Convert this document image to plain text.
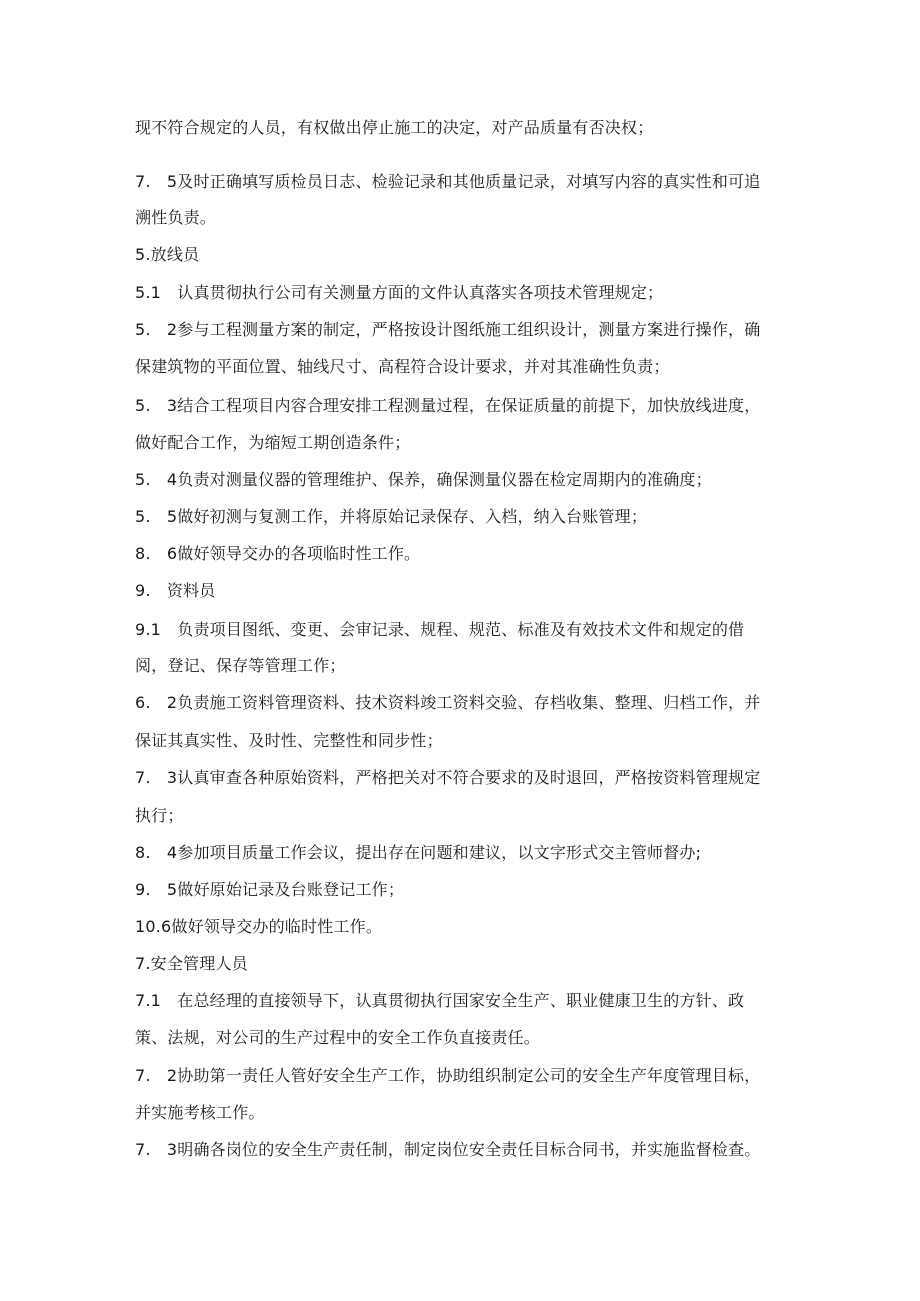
现不符合规定的人员，有权做出停止施工的决定，对产品质量有否决权；
7.　5及时正确填写质检员日志、检验记录和其他质量记录，对填写内容的真实性和可追
溯性负责。
5.放线员
5.1　认真贯彻执行公司有关测量方面的文件认真落实各项技术管理规定；
5.　2参与工程测量方案的制定，严格按设计图纸施工组织设计，测量方案进行操作，确
保建筑物的平面位置、轴线尺寸、高程符合设计要求，并对其准确性负责；
5.　3结合工程项目内容合理安排工程测量过程，在保证质量的前提下，加快放线进度，
做好配合工作，为缩短工期创造条件；
5.　4负责对测量仪器的管理维护、保养，确保测量仪器在检定周期内的准确度；
5.　5做好初测与复测工作，并将原始记录保存、入档，纳入台账管理；
8.　6做好领导交办的各项临时性工作。
9.　资料员
9.1　负责项目图纸、变更、会审记录、规程、规范、标准及有效技术文件和规定的借
阅，登记、保存等管理工作；
6.　2负责施工资料管理资料、技术资料竣工资料交验、存档收集、整理、归档工作，并
保证其真实性、及时性、完整性和同步性；
7.　3认真审查各种原始资料，严格把关对不符合要求的及时退回，严格按资料管理规定
执行；
8.　4参加项目质量工作会议，提出存在问题和建议，以文字形式交主管师督办;
9.　5做好原始记录及台账登记工作；
10.6做好领导交办的临时性工作。
7.安全管理人员
7.1　在总经理的直接领导下，认真贯彻执行国家安全生产、职业健康卫生的方针、政
策、法规，对公司的生产过程中的安全工作负直接责任。
7.　2协助第一责任人管好安全生产工作，协助组织制定公司的安全生产年度管理目标，
并实施考核工作。
7.　3明确各岗位的安全生产责任制，制定岗位安全责任目标合同书，并实施监督检查。
